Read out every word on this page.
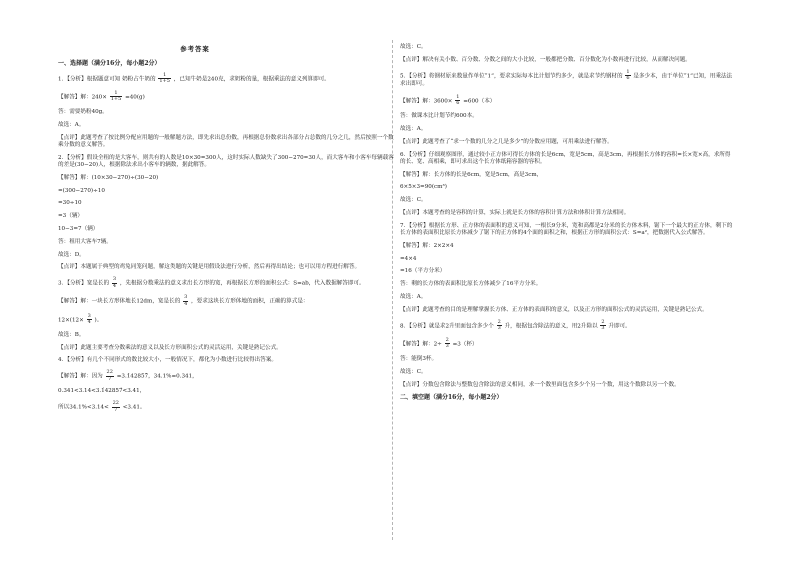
参考答案

一、选择题（满分16分，每小题2分）

1．【分析】根据题意可知 奶粉占牛奶的 $\frac{1}{1+5}$ ，已知牛奶是240克，求奶粉的量，根据乘法的意义列算即可。

【解答】解：$240\times \frac{1}{1+5} =40(g)$

答：需要奶粉40g。

故选：A。

【点评】此题考查了按比例分配应用题的一般解题方法，即先求出总份数，再根据总份数求出各部分占总数的几分之几，然后按照一个数乘分数的意义解答。

2．【分析】假设全租的是大客车，则共有的人数是10×30=300人，这时实际人数缺失了300−270=30人，而大客车和小客车每辆载客的差是(30−20)人，根据除法求出小客车的辆数，据此解答。

【解答】解：(10×30−270)÷(30−20)

=(300−270)÷10

=30÷10

=3（辆）

10−3=7（辆）

答：租用大客车7辆。

故选：D。

【点评】本题属于典型的鸡兔同笼问题，解这类题的关键是用假设法进行分析，然后再得出结论；也可以用方程进行解答。

3．【分析】宽是长的 $\frac{3}{4}$ ，先根据分数乘法的意义求出长方形的宽，再根据长方形的面积公式：S=ab，代入数据解答即可。

【解答】解：一块长方形体地长12dm，宽是长的 $\frac{3}{4}$ ，要求这块长方形体地的面积，正确的算式是：

$12\times(12\times \frac{3}{4}$ )。

故选：B。

【点评】此题主要考查分数乘法的意义以及长方形面积公式的灵活运用，关键是熟记公式。

4．【分析】有几个不同形式的数比较大小，一般情况下，都化为小数进行比较得出答案。

【解答】解：因为 $\frac{22}{7}$ =3.1̇42857̇，34.1%=0.341，

0.341<3.14<3.1̇42857̇<3.41，

所以$34.1\%<3.14< \frac{22}{7} <3.41$。

故选：C。

【点评】解决有关小数、百分数、分数之间的大小比较，一般都把分数、百分数化为小数再进行比较，从而解决问题。

5．【分析】将钢材原来数量作单位“1”，要求实际每本比计划节约多少，就是求节约钢材的 $\frac{1}{6}$ 是多少本，由于单位“1”已知，用乘法法求出即可。

【解答】解：$3600\times \frac{1}{6} =600$（本）

答：做课本比计划节约600本。

故选：A。

【点评】此题考查了“求一个数的几分之几是多少”的分数应用题，可用乘法进行解答。

6．【分析】仔细观察图形，通过较小正方体可得长方体的长是6cm，宽是5cm，高是3cm，再根据长方体的容积=长×宽×高，求所得的长、宽、高相乘，即可求出这个长方体纸箱容器的容积。

【解答】解：长方体的长是6cm，宽是5cm，高是3cm，

6×5×3=90(cm³)

故选：C。

【点评】本题考查的是容积的计算，实际上就是长方体的容积计算方法和体积计算方法相同。

7．【分析】根据长方形、正方体的表面积的意义可知，一根长9分米，宽和高都是2分米的长方体木料，锯下一个最大的正方体，剩下的长方体的表面积比原长方体减少了锯下的正方体的4个面的面积之和，根据正方形的面积公式：S=a²，把数据代入公式解答。

【解答】解：2×2×4

=4×4

=16（平方分米）

答：剩的长方体的表面积比原长方体减少了16平方分米。

故选：A。

【点评】此题考查的目的是理解掌握长方体、正方体的表面积的意义，以及正方形的面积公式的灵活运用，关键是熟记公式。

8．【分析】就是求2升里面包含多少个 $\frac{2}{3}$ 升，根据包含除法的意义，用2升除以 $\frac{2}{3}$ 升即可。

【解答】解：$2\div \frac{2}{3} =3$（杯）

答：能倒3杯。

故选：C。

【点评】分数包含除法与整数包含除法的意义相同，求一个数里面包含多少个另一个数，用这个数除以另一个数。

二、填空题（满分16分，每小题2分）
